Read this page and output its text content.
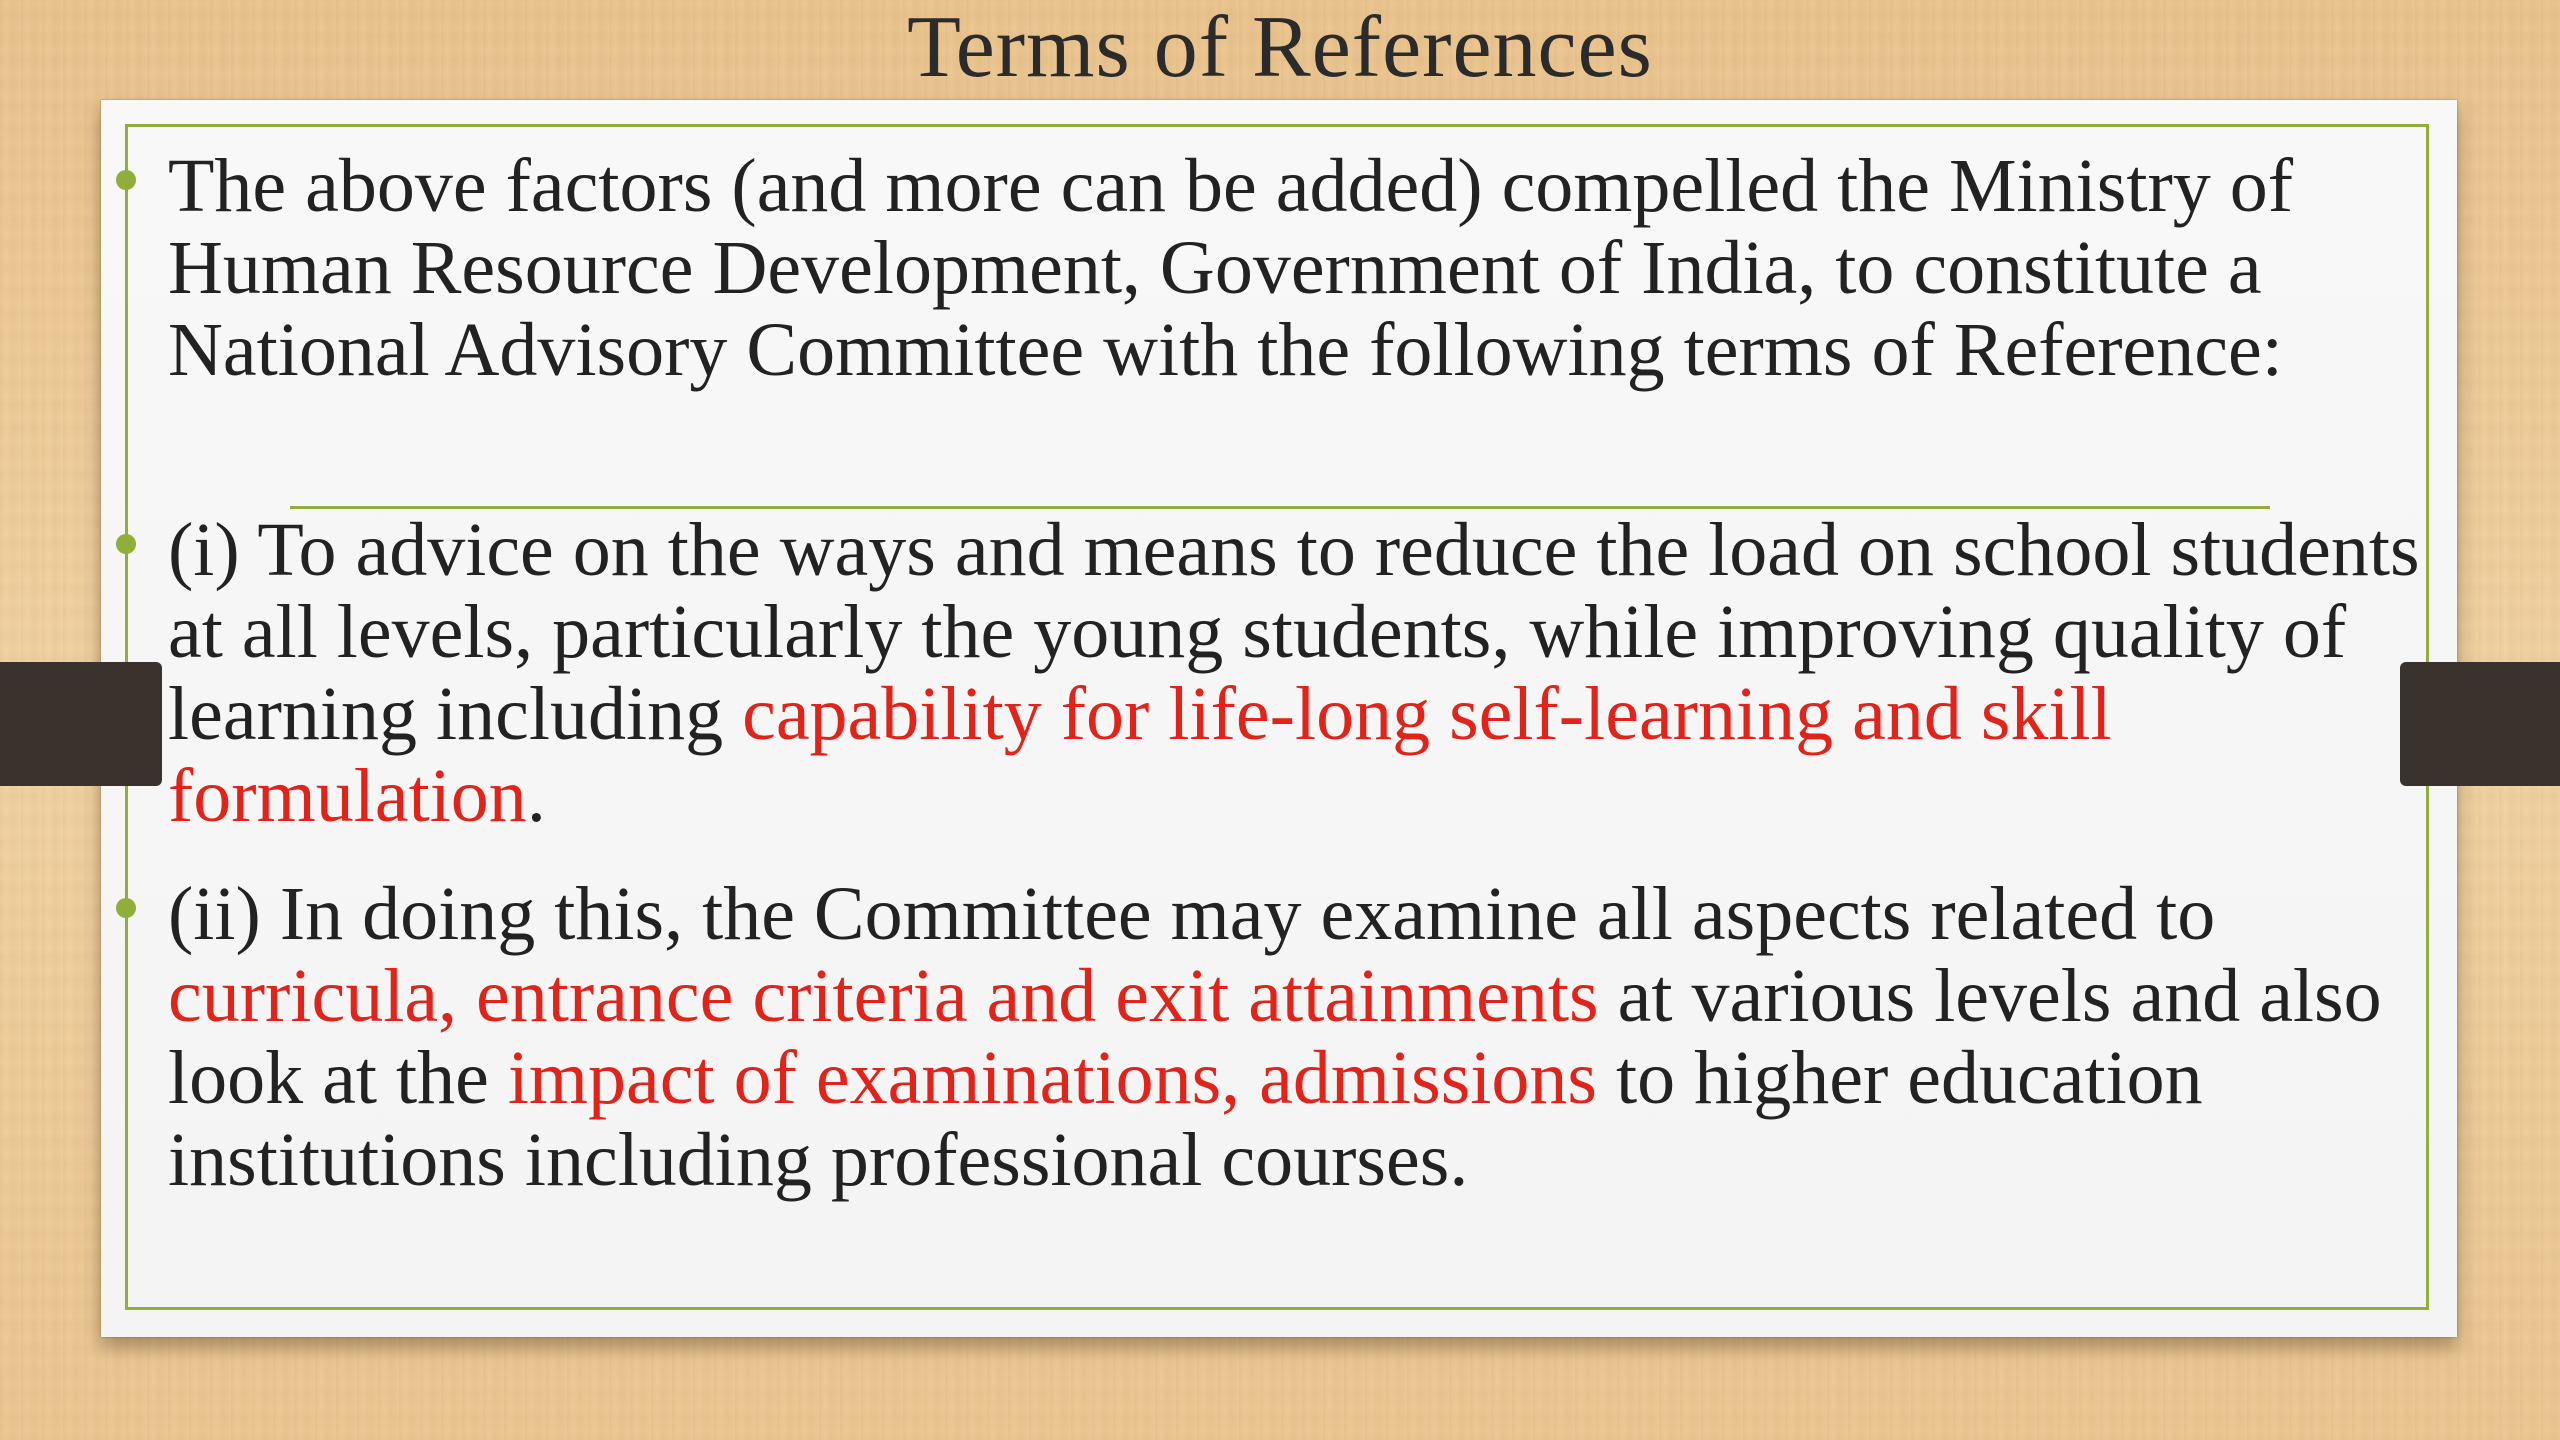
Terms of References
The above factors (and more can be added) compelled the Ministry of Human Resource Development, Government of India, to constitute a National Advisory Committee with the following terms of Reference:
(i) To advice on the ways and means to reduce the load on school students at all levels, particularly the young students, while improving quality of learning including capability for life-long self-learning and skill formulation.
(ii) In doing this, the Committee may examine all aspects related to curricula, entrance criteria and exit attainments at various levels and also look at the impact of examinations, admissions to higher education institutions including professional courses.
